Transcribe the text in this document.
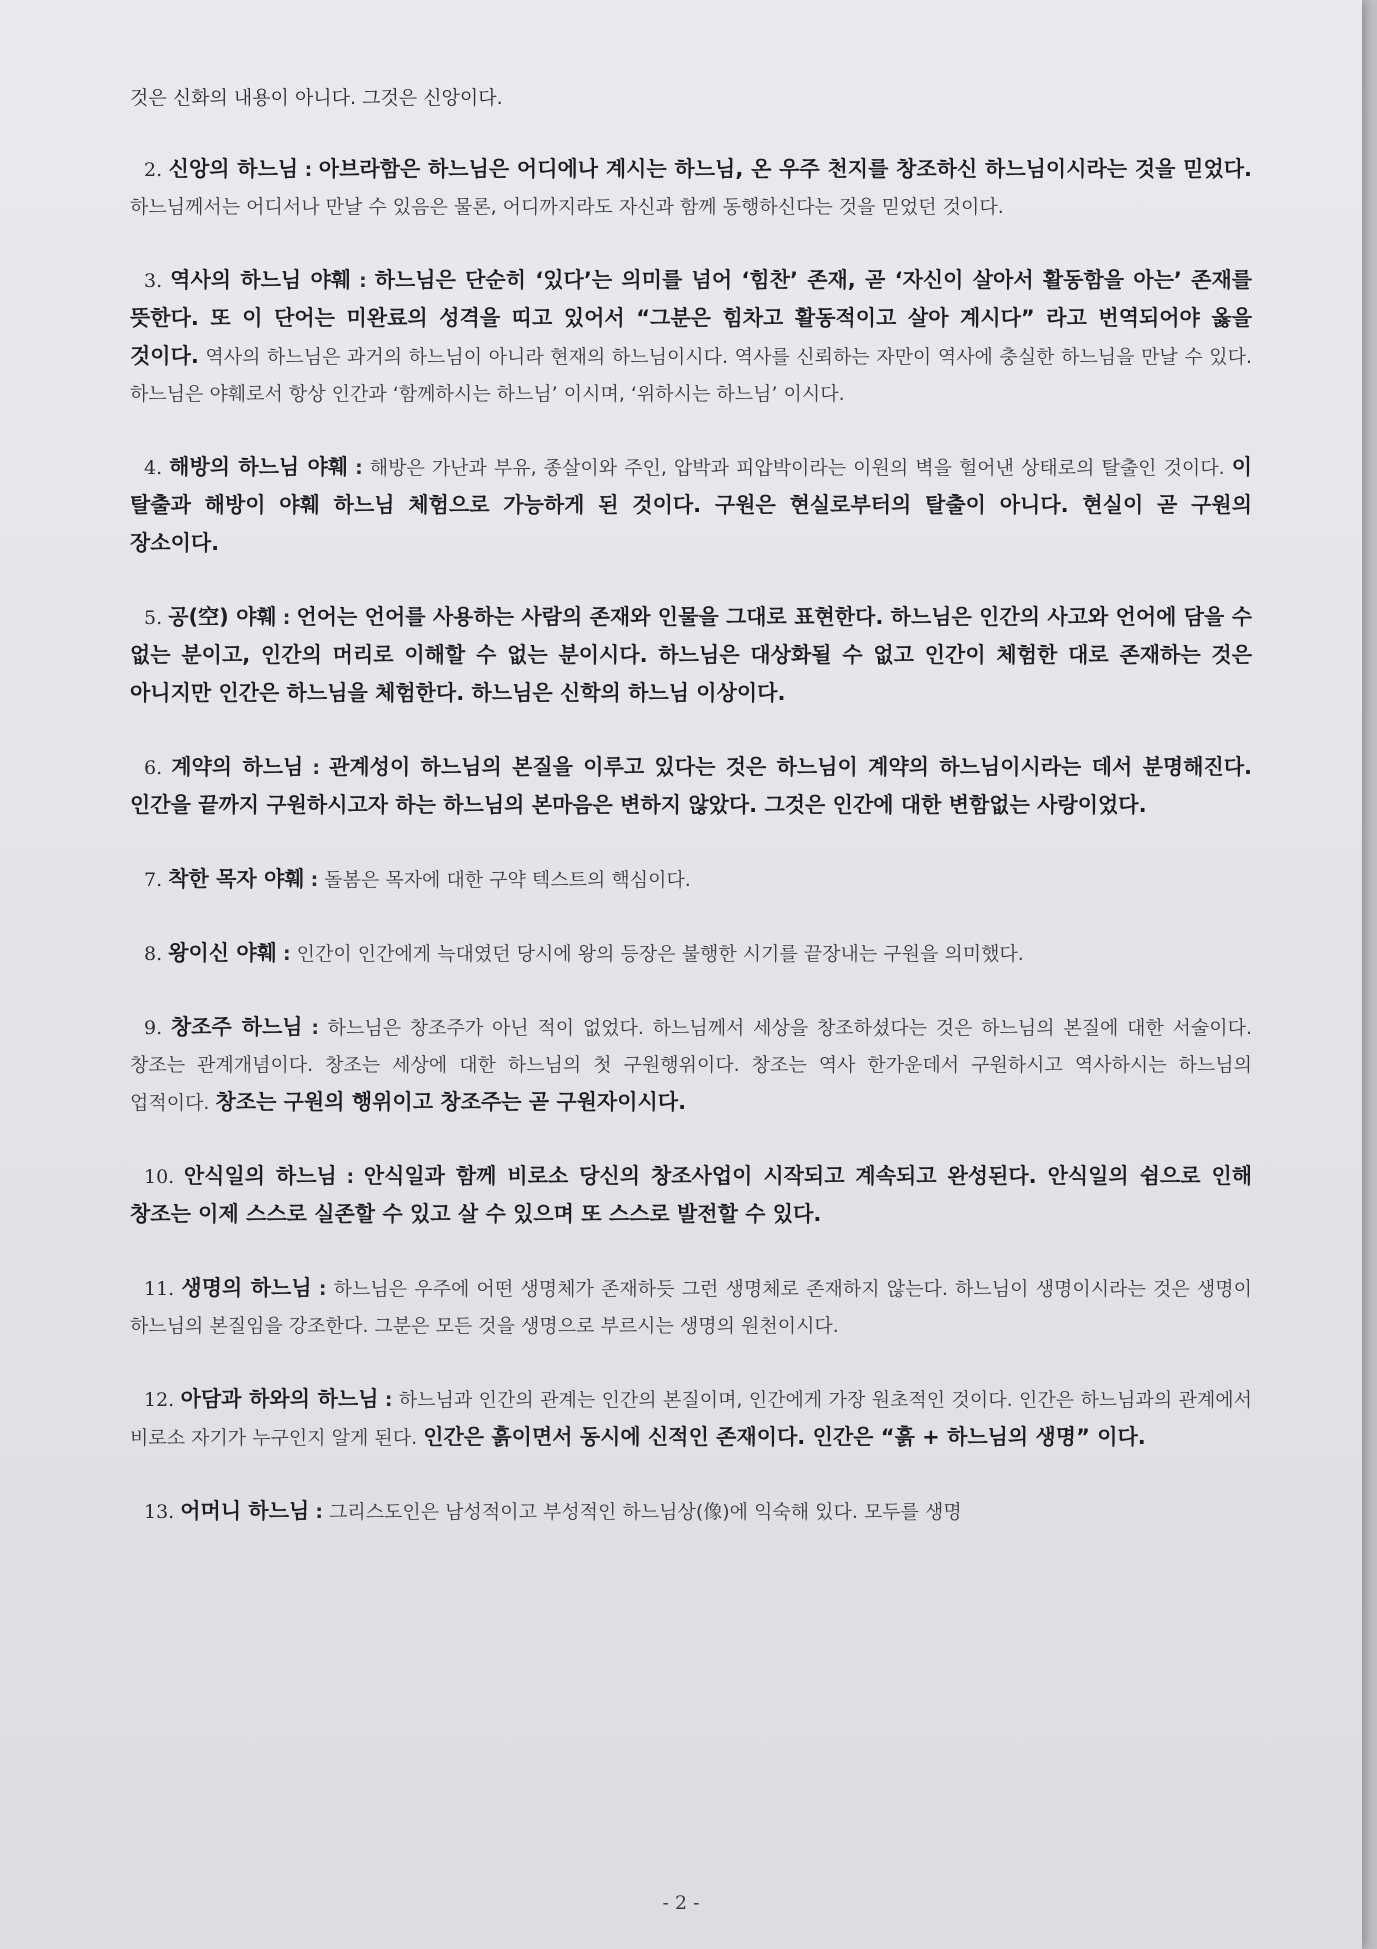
것은 신화의 내용이 아니다. 그것은 신앙이다.

2. 신앙의 하느님 : 아브라함은 하느님은 어디에나 계시는 하느님, 온 우주 천지를 창조하신 하느님이시라는 것을 믿었다. 하느님께서는 어디서나 만날 수 있음은 물론, 어디까지라도 자신과 함께 동행하신다는 것을 믿었던 것이다.

3. 역사의 하느님 야훼 : 하느님은 단순히 ‘있다’는 의미를 넘어 ‘힘찬’ 존재, 곧 ‘자신이 살아서 활동함을 아는’ 존재를 뜻한다. 또 이 단어는 미완료의 성격을 띠고 있어서 “그분은 힘차고 활동적이고 살아 계시다” 라고 번역되어야 옳을 것이다. 역사의 하느님은 과거의 하느님이 아니라 현재의 하느님이시다. 역사를 신뢰하는 자만이 역사에 충실한 하느님을 만날 수 있다. 하느님은 야훼로서 항상 인간과 ‘함께하시는 하느님’ 이시며, ‘위하시는 하느님’ 이시다.

4. 해방의 하느님 야훼 : 해방은 가난과 부유, 종살이와 주인, 압박과 피압박이라는 이원의 벽을 헐어낸 상태로의 탈출인 것이다. 이 탈출과 해방이 야훼 하느님 체험으로 가능하게 된 것이다. 구원은 현실로부터의 탈출이 아니다. 현실이 곧 구원의 장소이다.

5. 공(空) 야훼 : 언어는 언어를 사용하는 사람의 존재와 인물을 그대로 표현한다. 하느님은 인간의 사고와 언어에 담을 수 없는 분이고, 인간의 머리로 이해할 수 없는 분이시다. 하느님은 대상화될 수 없고 인간이 체험한 대로 존재하는 것은 아니지만 인간은 하느님을 체험한다. 하느님은 신학의 하느님 이상이다.

6. 계약의 하느님 : 관계성이 하느님의 본질을 이루고 있다는 것은 하느님이 계약의 하느님이시라는 데서 분명해진다. 인간을 끝까지 구원하시고자 하는 하느님의 본마음은 변하지 않았다. 그것은 인간에 대한 변함없는 사랑이었다.

7. 착한 목자 야훼 : 돌봄은 목자에 대한 구약 텍스트의 핵심이다.

8. 왕이신 야훼 : 인간이 인간에게 늑대였던 당시에 왕의 등장은 불행한 시기를 끝장내는 구원을 의미했다.

9. 창조주 하느님 : 하느님은 창조주가 아닌 적이 없었다. 하느님께서 세상을 창조하셨다는 것은 하느님의 본질에 대한 서술이다. 창조는 관계개념이다. 창조는 세상에 대한 하느님의 첫 구원행위이다. 창조는 역사 한가운데서 구원하시고 역사하시는 하느님의 업적이다. 창조는 구원의 행위이고 창조주는 곧 구원자이시다.

10. 안식일의 하느님 : 안식일과 함께 비로소 당신의 창조사업이 시작되고 계속되고 완성된다. 안식일의 쉼으로 인해 창조는 이제 스스로 실존할 수 있고 살 수 있으며 또 스스로 발전할 수 있다.

11. 생명의 하느님 : 하느님은 우주에 어떤 생명체가 존재하듯 그런 생명체로 존재하지 않는다. 하느님이 생명이시라는 것은 생명이 하느님의 본질임을 강조한다. 그분은 모든 것을 생명으로 부르시는 생명의 원천이시다.

12. 아담과 하와의 하느님 : 하느님과 인간의 관계는 인간의 본질이며, 인간에게 가장 원초적인 것이다. 인간은 하느님과의 관계에서 비로소 자기가 누구인지 알게 된다. 인간은 흙이면서 동시에 신적인 존재이다. 인간은 “흙 + 하느님의 생명” 이다.

13. 어머니 하느님 : 그리스도인은 남성적이고 부성적인 하느님상(像)에 익숙해 있다. 모두를 생명

- 2 -
